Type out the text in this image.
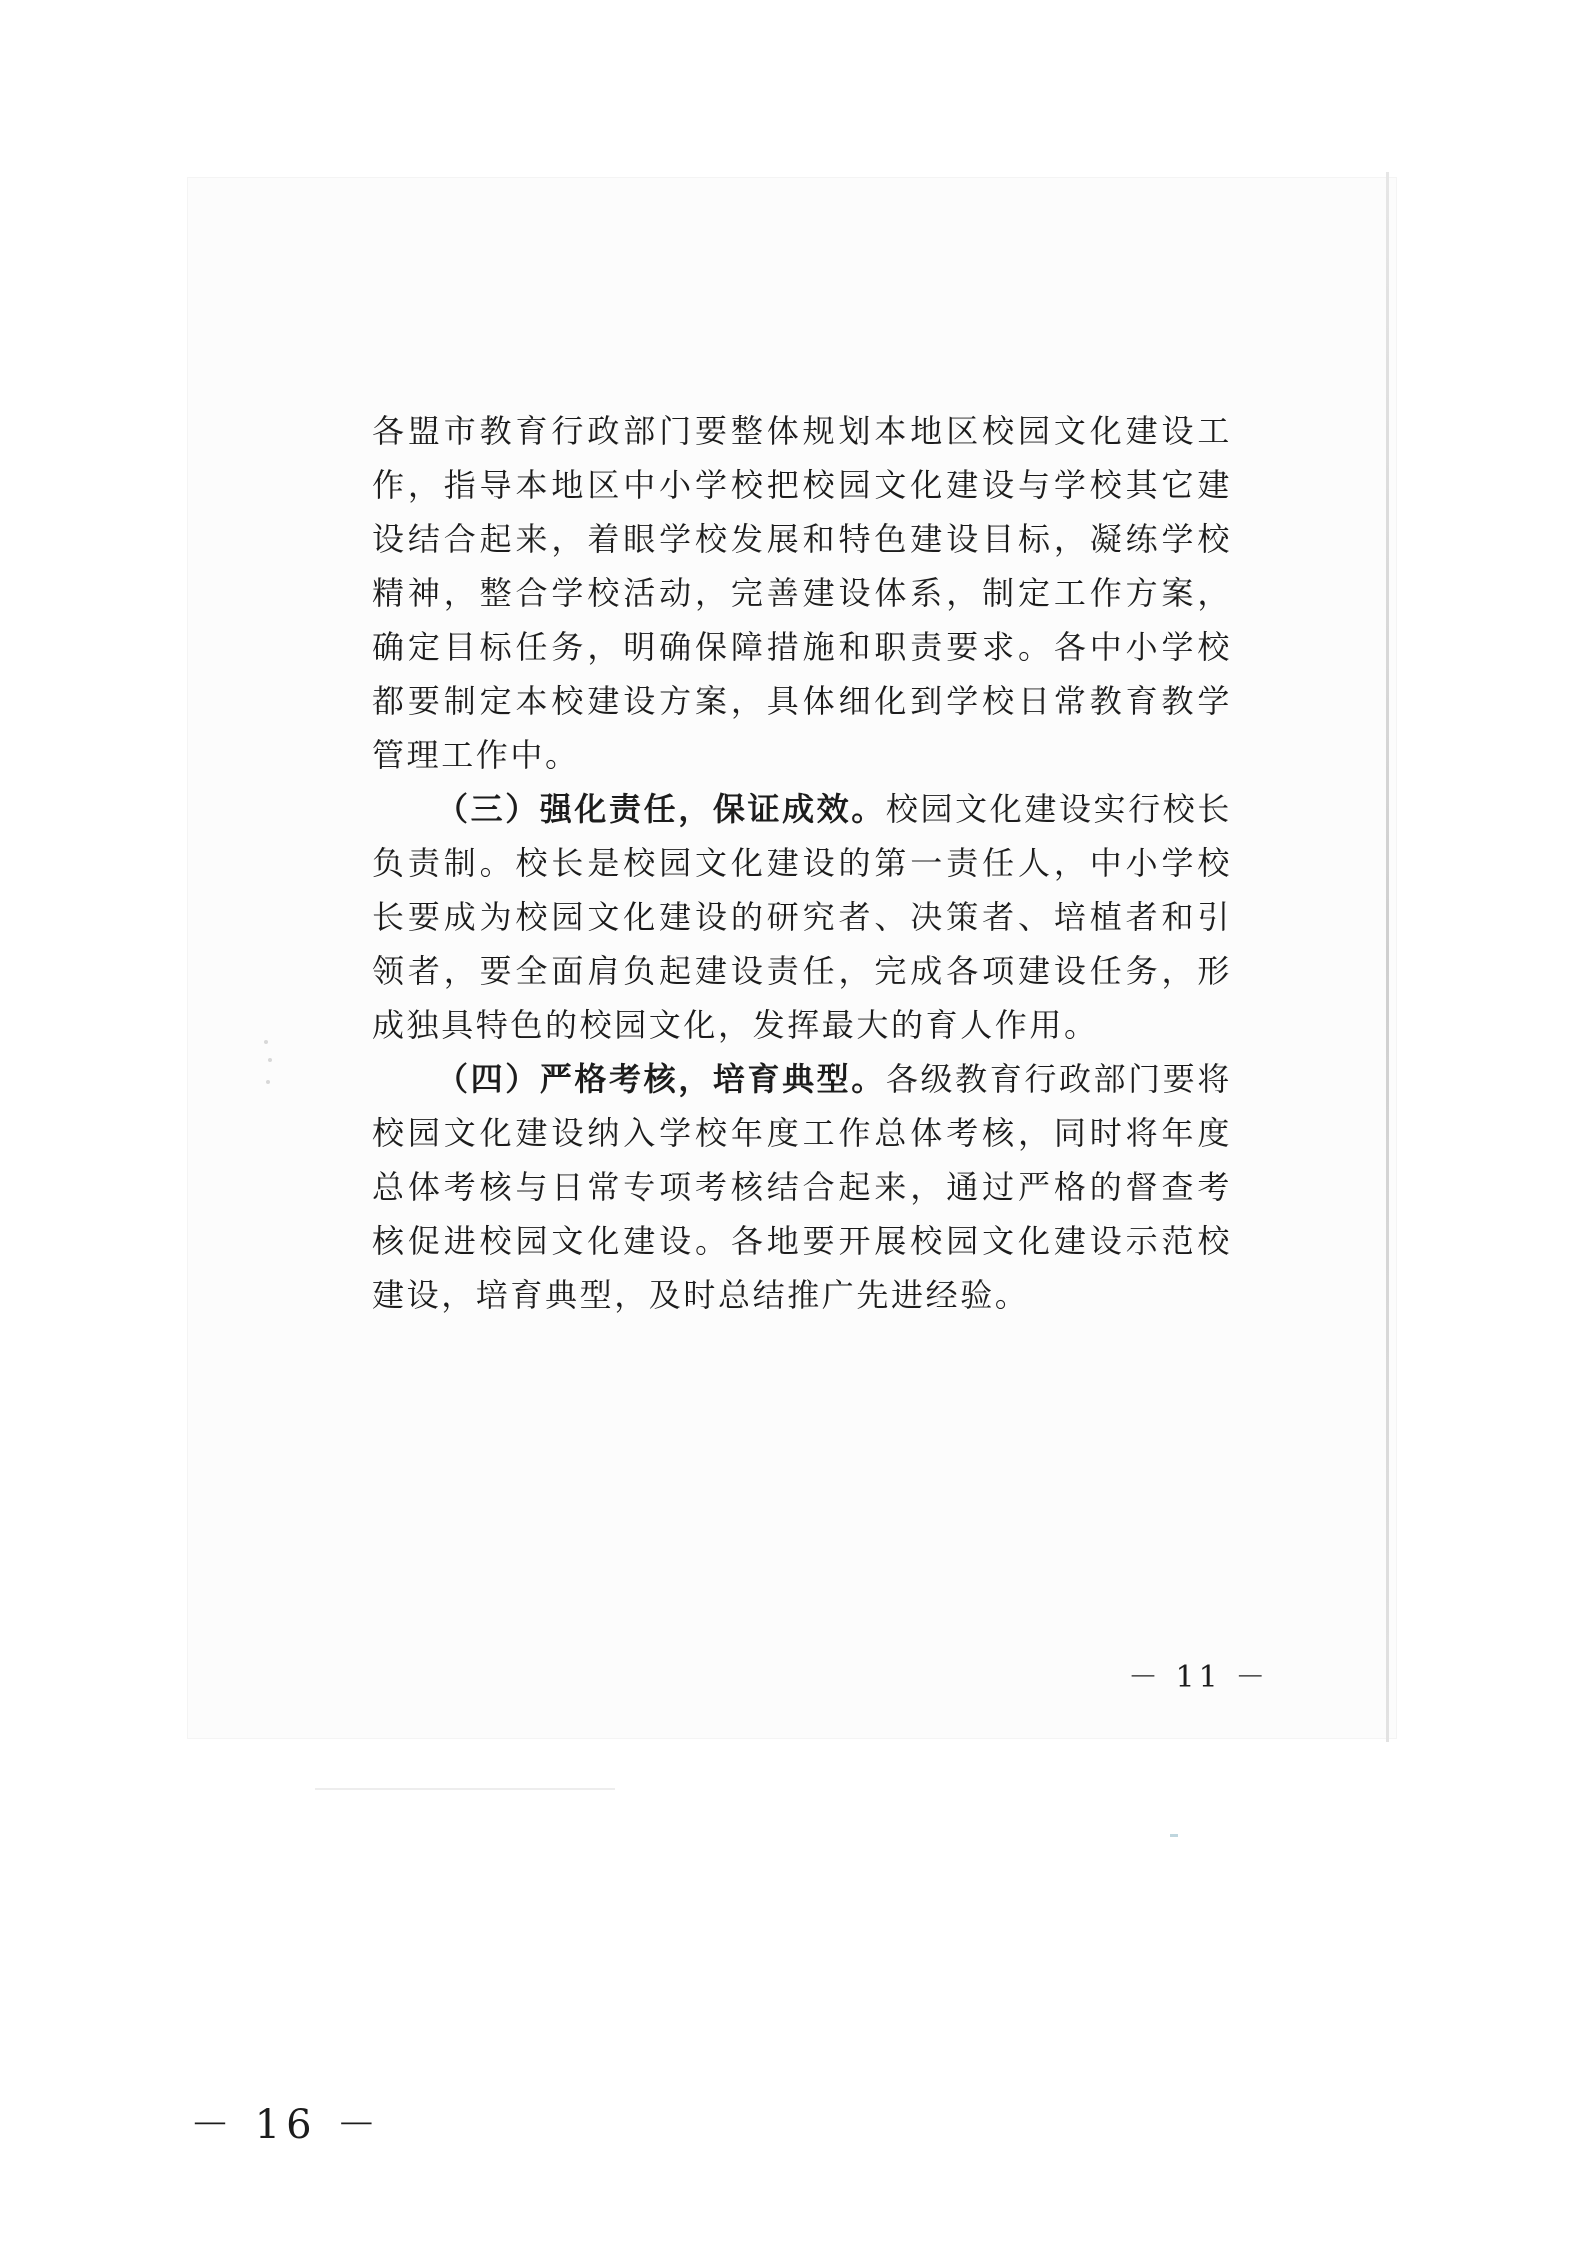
各盟市教育行政部门要整体规划本地区校园文化建设工作，指导本地区中小学校把校园文化建设与学校其它建设结合起来，着眼学校发展和特色建设目标，凝练学校精神，整合学校活动，完善建设体系，制定工作方案，确定目标任务，明确保障措施和职责要求。各中小学校都要制定本校建设方案，具体细化到学校日常教育教学管理工作中。

（三）强化责任，保证成效。校园文化建设实行校长负责制。校长是校园文化建设的第一责任人，中小学校长要成为校园文化建设的研究者、决策者、培植者和引领者，要全面肩负起建设责任，完成各项建设任务，形成独具特色的校园文化，发挥最大的育人作用。

（四）严格考核，培育典型。各级教育行政部门要将校园文化建设纳入学校年度工作总体考核，同时将年度总体考核与日常专项考核结合起来，通过严格的督查考核促进校园文化建设。各地要开展校园文化建设示范校建设，培育典型，及时总结推广先进经验。

－ 11 －
－ 16 －
